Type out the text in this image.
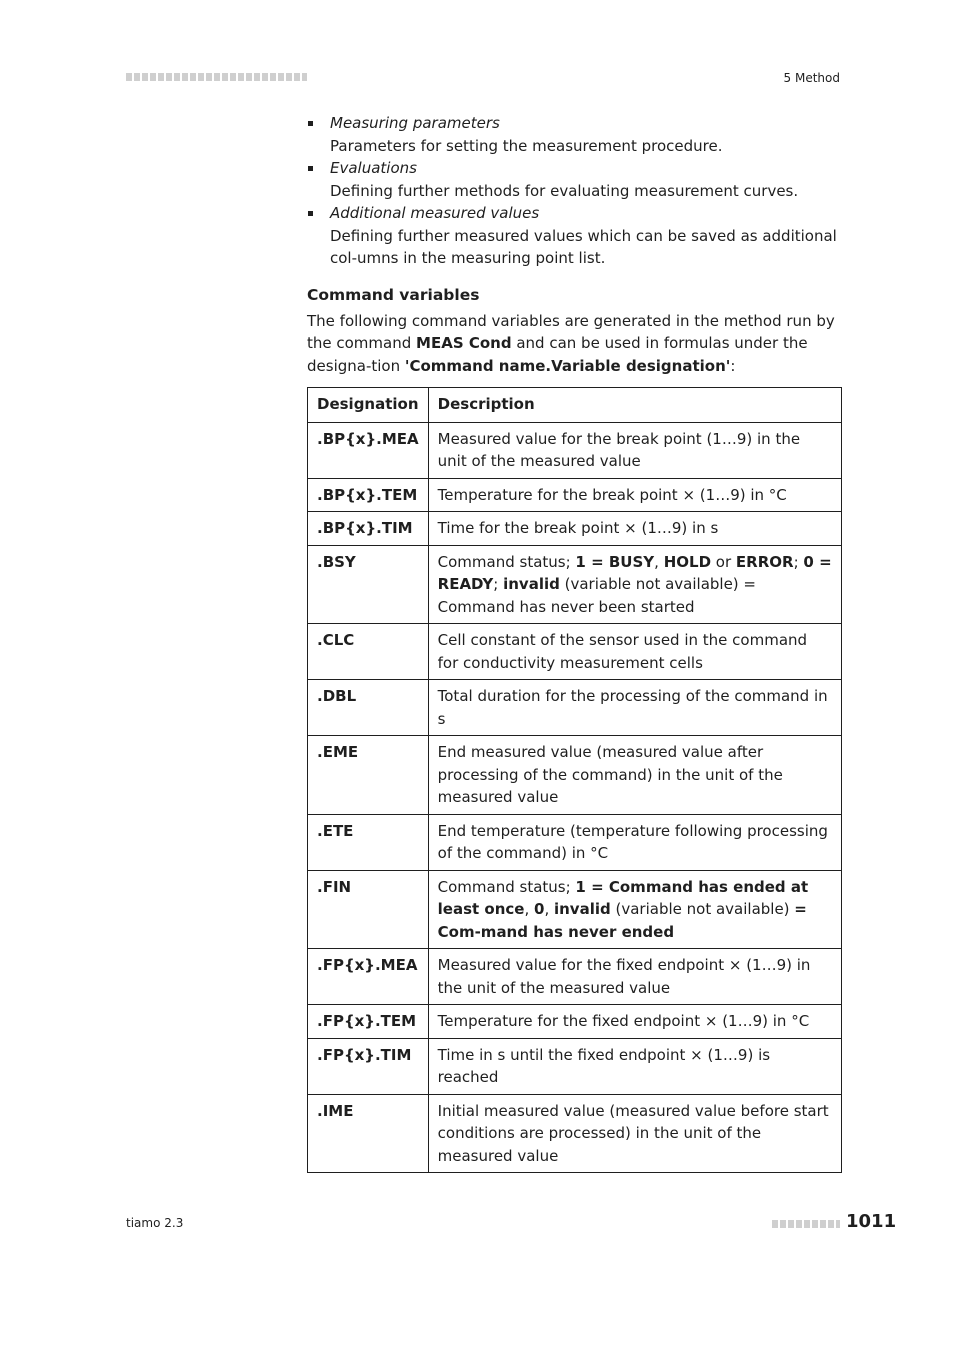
5 Method
Measuring parameters
Parameters for setting the measurement procedure.
Evaluations
Defining further methods for evaluating measurement curves.
Additional measured values
Defining further measured values which can be saved as additional col-umns in the measuring point list.
Command variables

The following command variables are generated in the method run by the command MEAS Cond and can be used in formulas under the designa-tion 'Command name.Variable designation':

Designation	Description
.BP{x}.MEA	Measured value for the break point (1…9) in the unit of the measured value
.BP{x}.TEM	Temperature for the break point × (1…9) in °C
.BP{x}.TIM	Time for the break point × (1…9) in s
.BSY	Command status; 1 = BUSY, HOLD or ERROR; 0 = READY; invalid (variable not available) = Command has never been started
.CLC	Cell constant of the sensor used in the command for conductivity measurement cells
.DBL	Total duration for the processing of the command in s
.EME	End measured value (measured value after processing of the command) in the unit of the measured value
.ETE	End temperature (temperature following processing of the command) in °C
.FIN	Command status; 1 = Command has ended at least once, 0, invalid (variable not available) = Com-mand has never ended
.FP{x}.MEA	Measured value for the fixed endpoint × (1…9) in the unit of the measured value
.FP{x}.TEM	Temperature for the fixed endpoint × (1…9) in °C
.FP{x}.TIM	Time in s until the fixed endpoint × (1…9) is reached
.IME	Initial measured value (measured value before start conditions are processed) in the unit of the measured value
tiamo 2.3	1011
